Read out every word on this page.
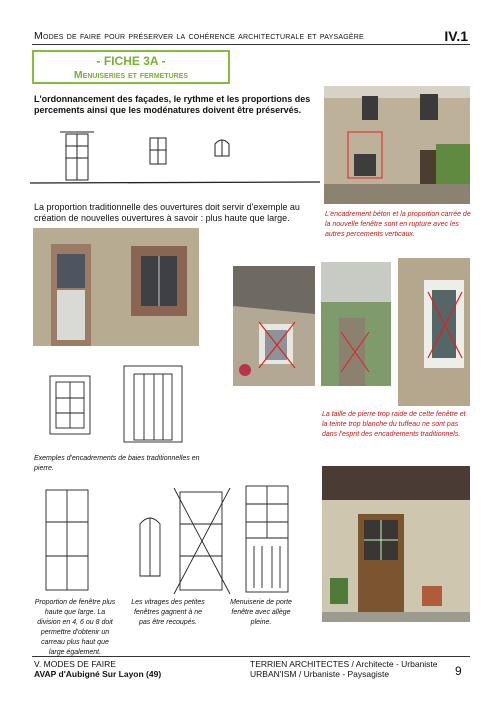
Modes de faire pour préserver la cohérence architecturale et paysagère	IV.1
- FICHE 3A -
Menuiseries et fermetures
L'ordonnancement des façades, le rythme et les proportions des percements ainsi que les modénatures doivent être préservés.
La proportion traditionnelle des ouvertures doit servir d'exemple au création de nouvelles ouvertures à savoir : plus haute que large.	L'encadrement béton et la proportion carrée de la nouvelle fenêtre sont en rupture avec les autres percements verticaux.
La taille de pierre trop raide de cette fenêtre et la teinte trop blanche du tuffeau ne sont pas dans l'esprit des encadrements traditionnels.
Exemples d'encadrements de baies traditionnelles en pierre.
Proportion de fenêtre plus haute que large. La division en 4, 6 ou 8 doit permettre d'obtenir un carreau plus haut que large également.
Les vitrages des petites fenêtres gagnent à ne pas être recoupés.
Menuiserie de porte fenêtre avec allège pleine.
V. MODES DE FAIRE
AVAP d'Aubigné Sur Layon (49)
TERRIEN ARCHITECTES / Architecte - Urbaniste
URBAN'ISM / Urbaniste - Paysagiste	9
